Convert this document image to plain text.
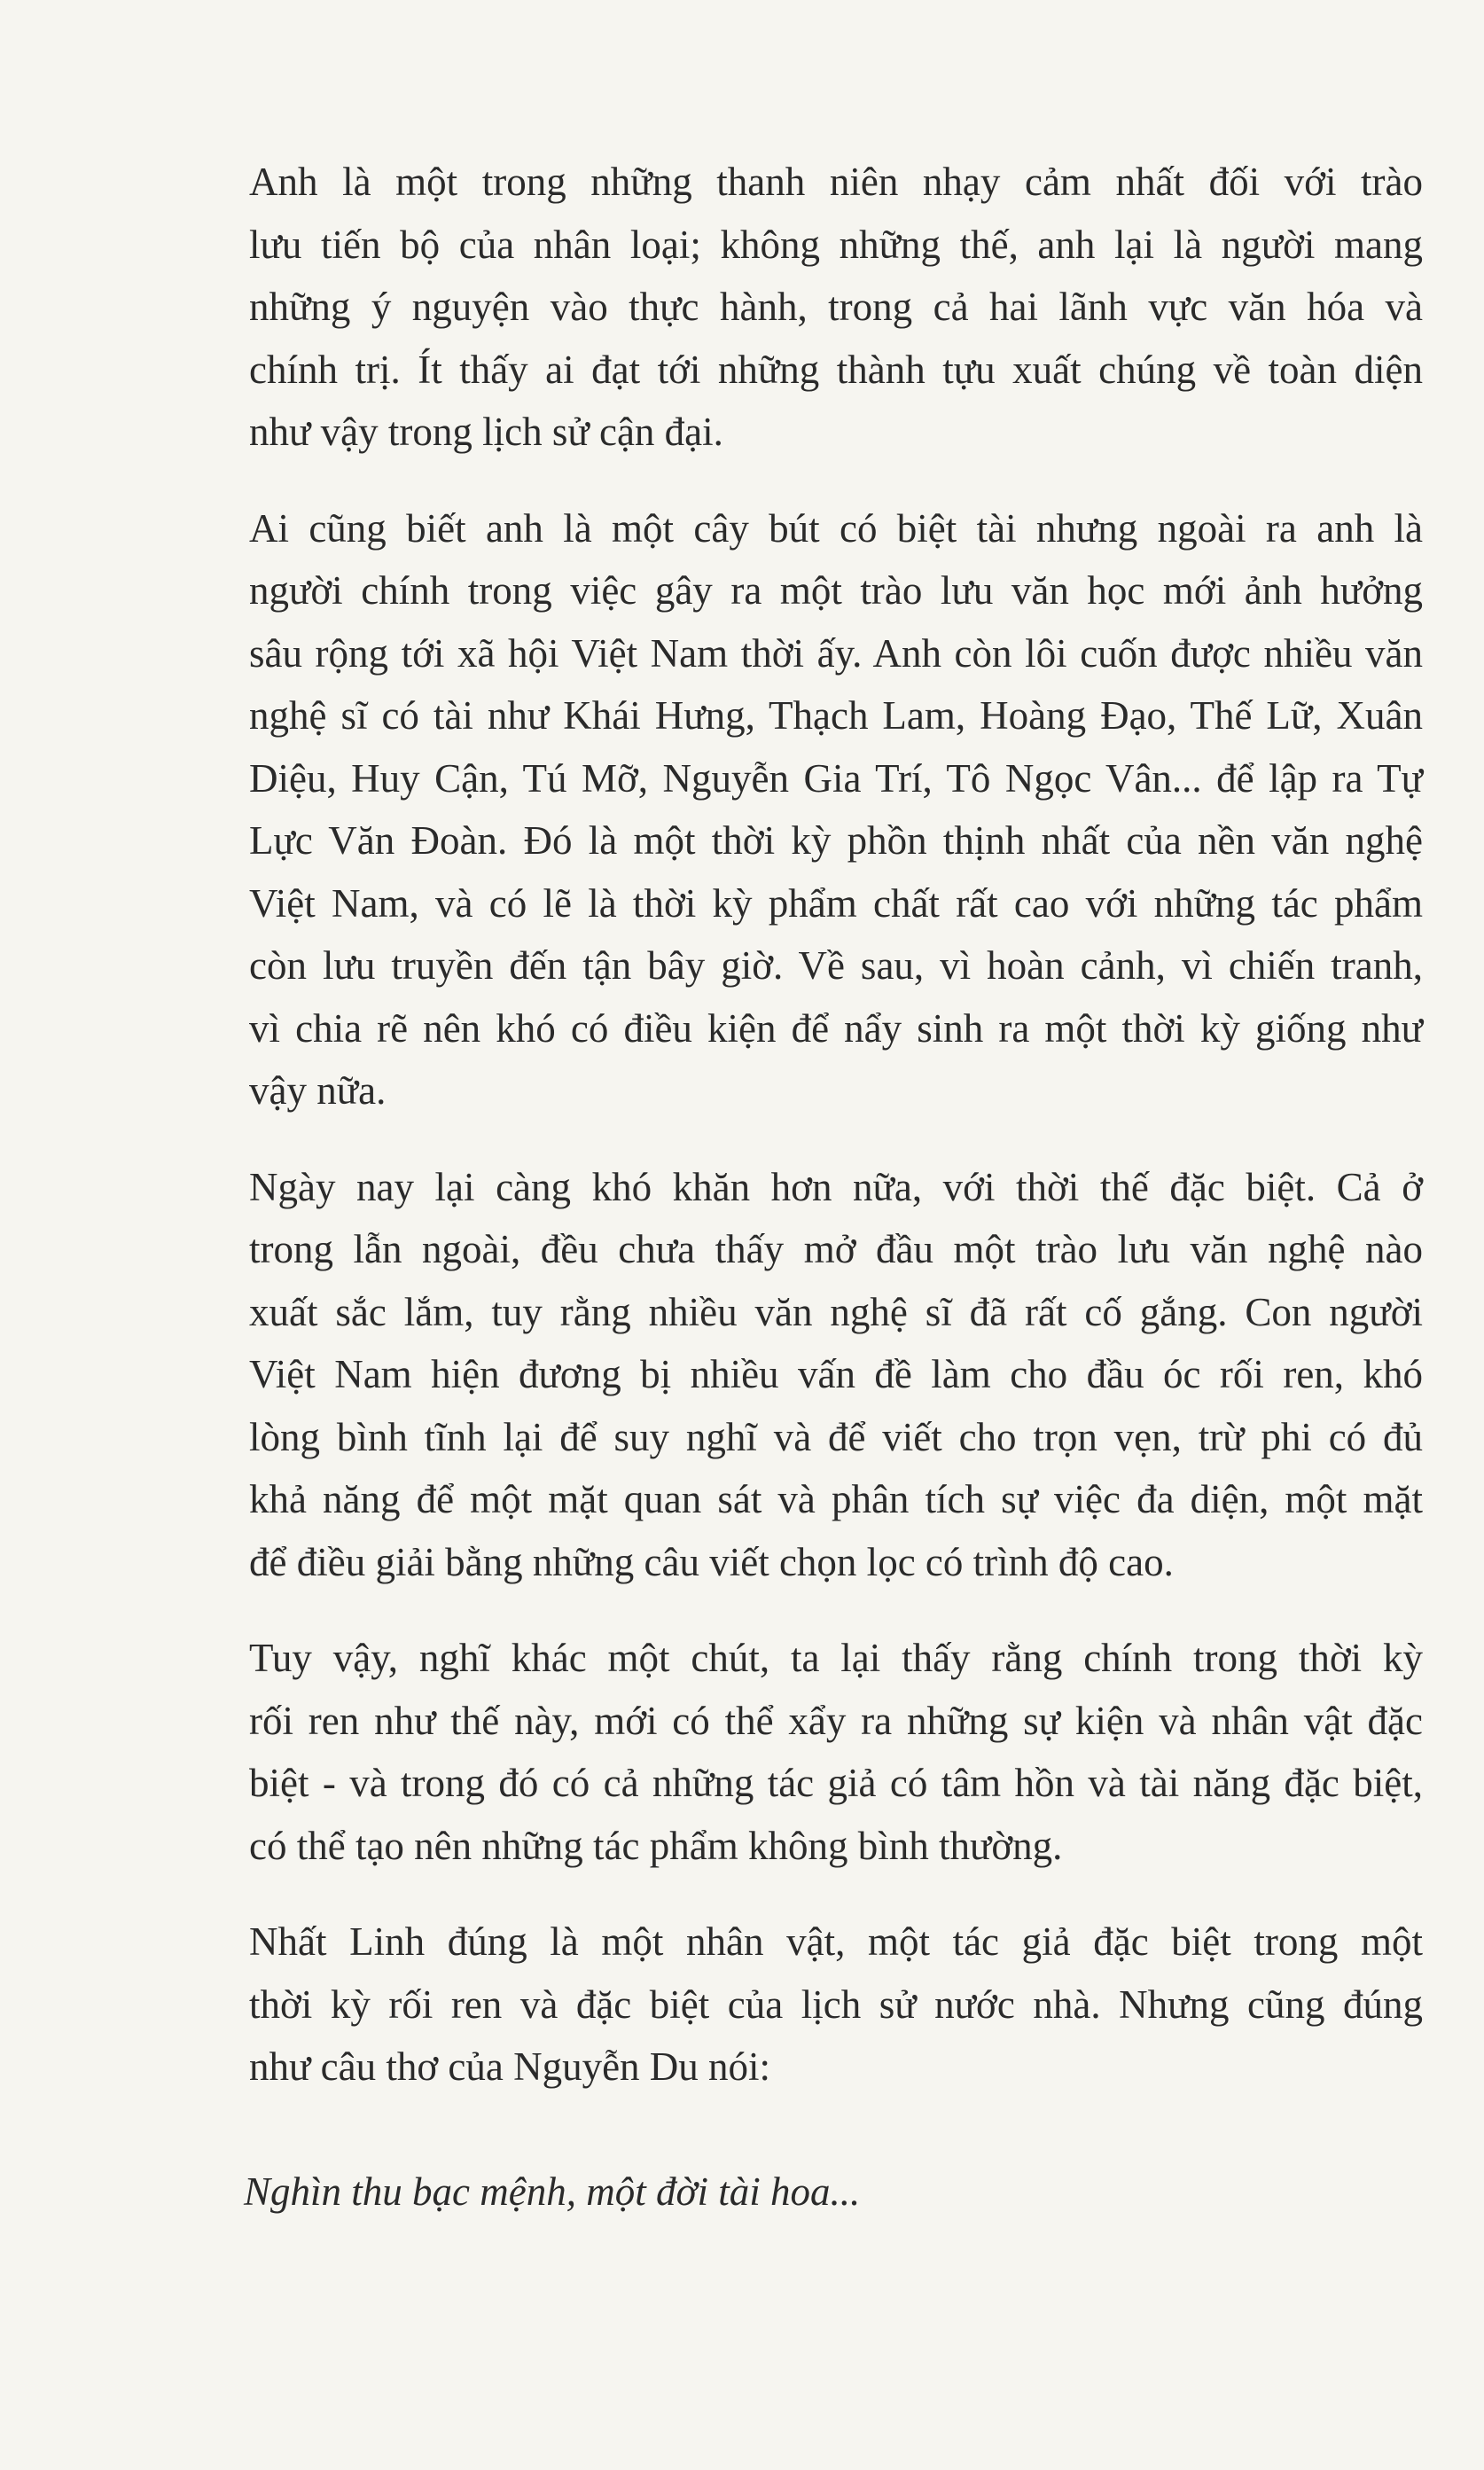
Anh là một trong những thanh niên nhạy cảm nhất đối với trào
lưu tiến bộ của nhân loại; không những thế, anh lại là người mang
những ý nguyện vào thực hành, trong cả hai lãnh vực văn hóa và
chính trị. Ít thấy ai đạt tới những thành tựu xuất chúng về toàn diện
như vậy trong lịch sử cận đại.

Ai cũng biết anh là một cây bút có biệt tài nhưng ngoài ra anh là
người chính trong việc gây ra một trào lưu văn học mới ảnh hưởng
sâu rộng tới xã hội Việt Nam thời ấy. Anh còn lôi cuốn được nhiều văn
nghệ sĩ có tài như Khái Hưng, Thạch Lam, Hoàng Đạo, Thế Lữ, Xuân
Diệu, Huy Cận, Tú Mỡ, Nguyễn Gia Trí, Tô Ngọc Vân... để lập ra Tự
Lực Văn Đoàn. Đó là một thời kỳ phồn thịnh nhất của nền văn nghệ
Việt Nam, và có lẽ là thời kỳ phẩm chất rất cao với những tác phẩm
còn lưu truyền đến tận bây giờ. Về sau, vì hoàn cảnh, vì chiến tranh,
vì chia rẽ nên khó có điều kiện để nẩy sinh ra một thời kỳ giống như
vậy nữa.

Ngày nay lại càng khó khăn hơn nữa, với thời thế đặc biệt. Cả ở
trong lẫn ngoài, đều chưa thấy mở đầu một trào lưu văn nghệ nào
xuất sắc lắm, tuy rằng nhiều văn nghệ sĩ đã rất cố gắng. Con người
Việt Nam hiện đương bị nhiều vấn đề làm cho đầu óc rối ren, khó
lòng bình tĩnh lại để suy nghĩ và để viết cho trọn vẹn, trừ phi có đủ
khả năng để một mặt quan sát và phân tích sự việc đa diện, một mặt
để điều giải bằng những câu viết chọn lọc có trình độ cao.

Tuy vậy, nghĩ khác một chút, ta lại thấy rằng chính trong thời kỳ
rối ren như thế này, mới có thể xẩy ra những sự kiện và nhân vật đặc
biệt - và trong đó có cả những tác giả có tâm hồn và tài năng đặc biệt,
có thể tạo nên những tác phẩm không bình thường.

Nhất Linh đúng là một nhân vật, một tác giả đặc biệt trong một
thời kỳ rối ren và đặc biệt của lịch sử nước nhà. Nhưng cũng đúng
như câu thơ của Nguyễn Du nói:

Nghìn thu bạc mệnh, một đời tài hoa...
